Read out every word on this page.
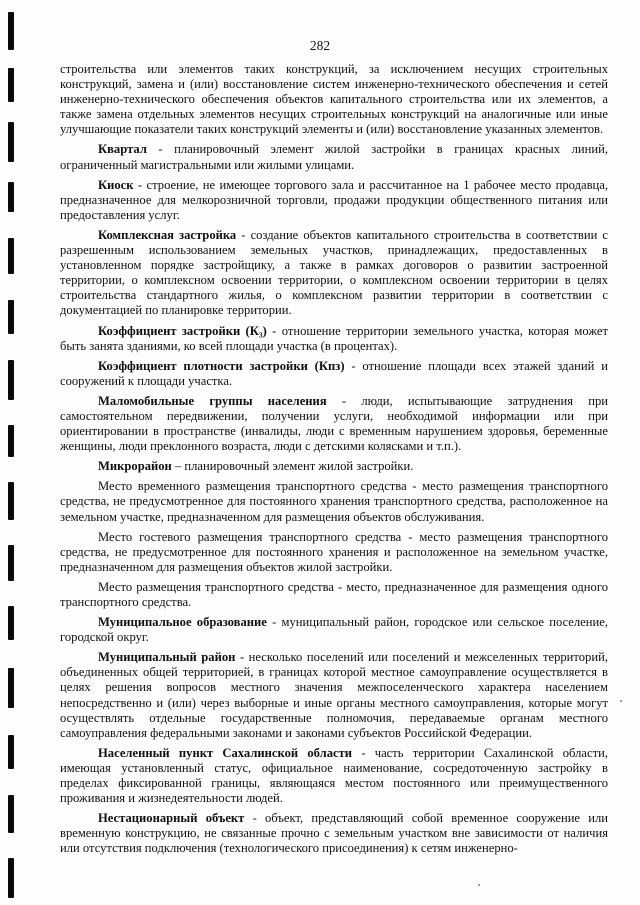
282

строительства или элементов таких конструкций, за исключением несущих строительных конструкций, замена и (или) восстановление систем инженерно-технического обеспечения и сетей инженерно-технического обеспечения объектов капитального строительства или их элементов, а также замена отдельных элементов несущих строительных конструкций на аналогичные или иные улучшающие показатели таких конструкций элементы и (или) восстановление указанных элементов.

Квартал - планировочный элемент жилой застройки в границах красных линий, ограниченный магистральными или жилыми улицами.

Киоск - строение, не имеющее торгового зала и рассчитанное на 1 рабочее место продавца, предназначенное для мелкорозничной торговли, продажи продукции общественного питания или предоставления услуг.

Комплексная застройка - создание объектов капитального строительства в соответствии с разрешенным использованием земельных участков, принадлежащих, предоставленных в установленном порядке застройщику, а также в рамках договоров о развитии застроенной территории, о комплексном освоении территории, о комплексном освоении территории в целях строительства стандартного жилья, о комплексном развитии территории в соответствии с документацией по планировке территории.

Коэффициент застройки (К₃) - отношение территории земельного участка, которая может быть занята зданиями, ко всей площади участка (в процентах).

Коэффициент плотности застройки (Кпз) - отношение площади всех этажей зданий и сооружений к площади участка.

Маломобильные группы населения - люди, испытывающие затруднения при самостоятельном передвижении, получении услуги, необходимой информации или при ориентировании в пространстве (инвалиды, люди с временным нарушением здоровья, беременные женщины, люди преклонного возраста, люди с детскими колясками и т.п.).

Микрорайон – планировочный элемент жилой застройки.

Место временного размещения транспортного средства - место размещения транспортного средства, не предусмотренное для постоянного хранения транспортного средства, расположенное на земельном участке, предназначенном для размещения объектов обслуживания.

Место гостевого размещения транспортного средства - место размещения транспортного средства, не предусмотренное для постоянного хранения и расположенное на земельном участке, предназначенном для размещения объектов жилой застройки.

Место размещения транспортного средства - место, предназначенное для размещения одного транспортного средства.

Муниципальное образование - муниципальный район, городское или сельское поселение, городской округ.

Муниципальный район - несколько поселений или поселений и межселенных территорий, объединенных общей территорией, в границах которой местное самоуправление осуществляется в целях решения вопросов местного значения межпоселенческого характера населением непосредственно и (или) через выборные и иные органы местного самоуправления, которые могут осуществлять отдельные государственные полномочия, передаваемые органам местного самоуправления федеральными законами и законами субъектов Российской Федерации.

Населенный пункт Сахалинской области - часть территории Сахалинской области, имеющая установленный статус, официальное наименование, сосредоточенную застройку в пределах фиксированной границы, являющаяся местом постоянного или преимущественного проживания и жизнедеятельности людей.

Нестационарный объект - объект, представляющий собой временное сооружение или временную конструкцию, не связанные прочно с земельным участком вне зависимости от наличия или отсутствия подключения (технологического присоединения) к сетям инженерно-
